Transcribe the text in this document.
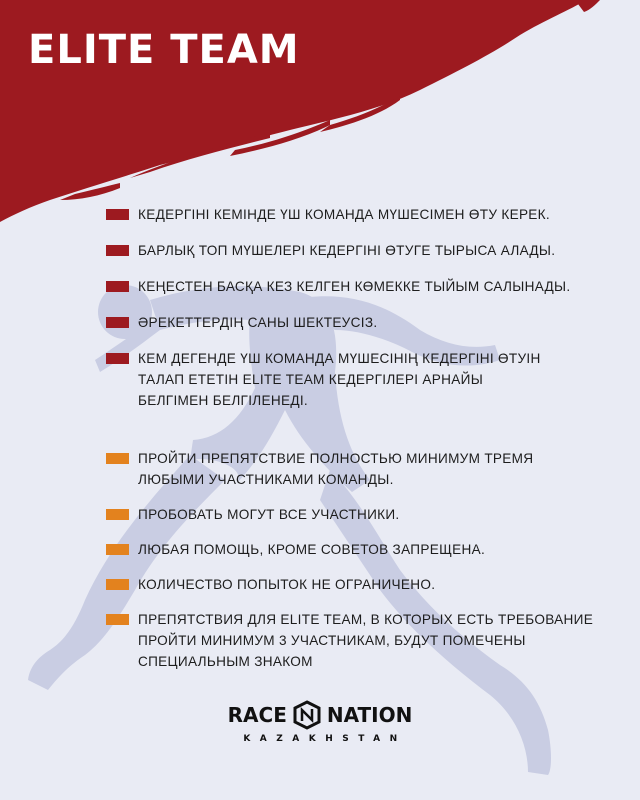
ELITE TEAM
КЕДЕРГІНІ КЕМІНДЕ ҮШ КОМАНДА МҮШЕСІМЕН ӨТУ КЕРЕК.
БАРЛЫҚ ТОП МҮШЕЛЕРІ КЕДЕРГІНІ ӨТУГЕ ТЫРЫСА АЛАДЫ.
КЕҢЕСТЕН БАСҚА КЕЗ КЕЛГЕН КӨМЕККЕ ТЫЙЫМ САЛЫНАДЫ.
ӘРЕКЕТТЕРДІҢ САНЫ ШЕКТЕУСІЗ.
КЕМ ДЕГЕНДЕ ҮШ КОМАНДА МҮШЕСІНІҢ КЕДЕРГІНІ ӨТУІН ТАЛАП ЕТЕТІН ELITE TEAM КЕДЕРГІЛЕРІ АРНАЙЫ БЕЛГІМЕН БЕЛГІЛЕНЕДІ.
ПРОЙТИ ПРЕПЯТСТВИЕ ПОЛНОСТЬЮ МИНИМУМ ТРЕМЯ ЛЮБЫМИ УЧАСТНИКАМИ КОМАНДЫ.
ПРОБОВАТЬ МОГУТ ВСЕ УЧАСТНИКИ.
ЛЮБАЯ ПОМОЩЬ, КРОМЕ СОВЕТОВ ЗАПРЕЩЕНА.
КОЛИЧЕСТВО ПОПЫТОК НЕ ОГРАНИЧЕНО.
ПРЕПЯТСТВИЯ ДЛЯ ELITE TEAM, В КОТОРЫХ ЕСТЬ ТРЕБОВАНИЕ ПРОЙТИ МИНИМУМ 3 УЧАСТНИКАМ, БУДУТ ПОМЕЧЕНЫ СПЕЦИАЛЬНЫМ ЗНАКОМ
RACE NATION
KAZAKHSTAN
